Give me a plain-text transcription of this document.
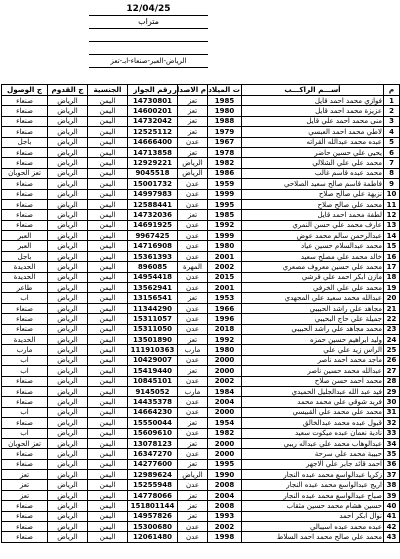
12/04/25
متراب
الرياض-العبر-صنعاء-ابـ-تعز
م	أســـم الراكـــب	ت الميلاد	م الاصدار	رقم الجواز	الجنسية	ج القدوم	ج الوصول
1	فوازي محمد احمد قايل	1985	تعز	14730801	اليمن	الرياض	صنعاء
2	عزيزة محمد احمد قايل	1980	تعز	14600201	اليمن	الرياض	صنعاء
3	منى محمد احمد علي قايل	1988	تعز	14732042	اليمن	الرياض	صنعاء
4	لاطي محمد احمد العبسي	1979	تعز	12525112	اليمن	الرياض	صنعاء
5	عبده محمد عبدالله القراته	1967	عدن	14666400	اليمن	الرياض	باجل
6	يحيى علي حسين حاضر	1978	تعز	14713858	اليمن	الرياض	صنعاء
7	محمد علي علي الشلالي	1982	الرياض	12929221	اليمن	الرياض	صنعاء
8	محمد عبده قاسم غالب	1986	الرياض	9045518	اليمن	الرياض	تعز الحوبان
9	فاطمة قاسم صالح سعيد الصلاحي	1959	عدن	15001732	اليمن	الرياض	صنعاء
10	نزيهة علي صالح صلاح	1999	عدن	14997983	اليمن	الرياض	صنعاء
11	محمد علي صالح صلاح	1995	عدن	12588441	اليمن	الرياض	صنعاء
12	لطفة محمد احمد قايل	1985	تعز	14732036	اليمن	الرياض	صنعاء
13	عارف محمد علي حسن النمري	1992	عدن	14691925	اليمن	الرياض	صنعاء
14	عبدالرحمن سالم محمد عوض	1999	عدن	9967425	اليمن	الرياض	العبر
15	محمد عبدالسلام حسين عياد	1980	عدن	14716908	اليمن	الرياض	العبر
16	خالد محمد علي مصلح سعيد	2001	عدن	15361393	اليمن	الرياض	باجل
17	محمد علي حسين معروف مصعري	2002	المهرة	896085	اليمن	الرياض	الحديدة
18	مازن ابكر احمد علي قرشي	2015	عدن	14954418	اليمن	الرياض	الحديدة
19	محمد علي علي الخرفي	2001	عدن	13562941	اليمن	الرياض	طاعر
20	عبدالله محمد سعيد علي المجهدي	1953	تعز	13156541	اليمن	الرياض	اب
21	مجاهد علي راشد الحبيبي	1966	عدن	11344290	اليمن	الرياض	صنعاء
22	جميلة علي حاج البحيبي	1996	عدن	15311057	اليمن	الرياض	صنعاء
23	محمد مجاهد علي راشد الحبيبي	2018	عدن	15311050	اليمن	الرياض	صنعاء
24	وليد ابراهيم حسين حمزه	1992	تعز	13501890	اليمن	الرياض	الحديدة
25	الراس زيد علي علي	1980	مارب	111910363	اليمن	الرياض	مارب
26	ماجد محمد احمد ناصر	2000	عدن	10429007	اليمن	الرياض	اب
27	عبدالله محمد حسين ناصر	2000	تعز	15419440	اليمن	الرياض	اب
28	محمد احمد حسن صلاح	2002	عدن	10845101	اليمن	الرياض	صنعاء
29	فيد عبد الله عبدالجليل الحميدي	1984	مارب	9145052	اليمن	الرياض	صنعاء
30	فريد شوقي علي محمد محمد	2004	عدن	14435378	اليمن	الرياض	صنعاء
31	محمد علي محمد علي القبيسي	2000	عدن	14664230	اليمن	الرياض	اب
32	قبول عبده محمد عبدالخالق	1954	تعز	15550044	اليمن	الرياض	صنعاء
33	نادية نعمان عبده ميكوت سعيد	1982	عدن	15609610	اليمن	الرياض	اب
34	عبدالوهاب محمد علي عبداله ريبي	2000	تعز	13078123	اليمن	الرياض	تعز الحوبان
35	حبيبة محمد علي سرحة	2000	عدن	16347270	اليمن	الرياض	صنعاء
36	احمد قائد جابر علي الاجهر	1995	تعز	14277600	اليمن	الرياض	صنعاء
37	زكريا عبدالواسع محمد عبده النجار	1990	الرياض	12989624	اليمن	الرياض	تعز
38	اريج عبدالواسع محمد عبده النجار	2008	عدن	15255948	اليمن	الرياض	تعز
39	صباح عبدالواسع محمد عبده النجار	2004	تعز	14778066	اليمن	الرياض	تعز
40	حسين هشام محمد حسين مثقاب	2008	تعز	151801144	اليمن	الرياض	صنعاء
41	نوال ابكر احمد	1993	تعز	14957826	اليمن	الرياض	صنعاء
42	عبده محمد عبده اسيبالي	2002	عدن	15300680	اليمن	الرياض	صنعاء
43	محمد علي صالح محمد احمد السلاط	1998	عدن	12061480	اليمن	الرياض	صنعاء
